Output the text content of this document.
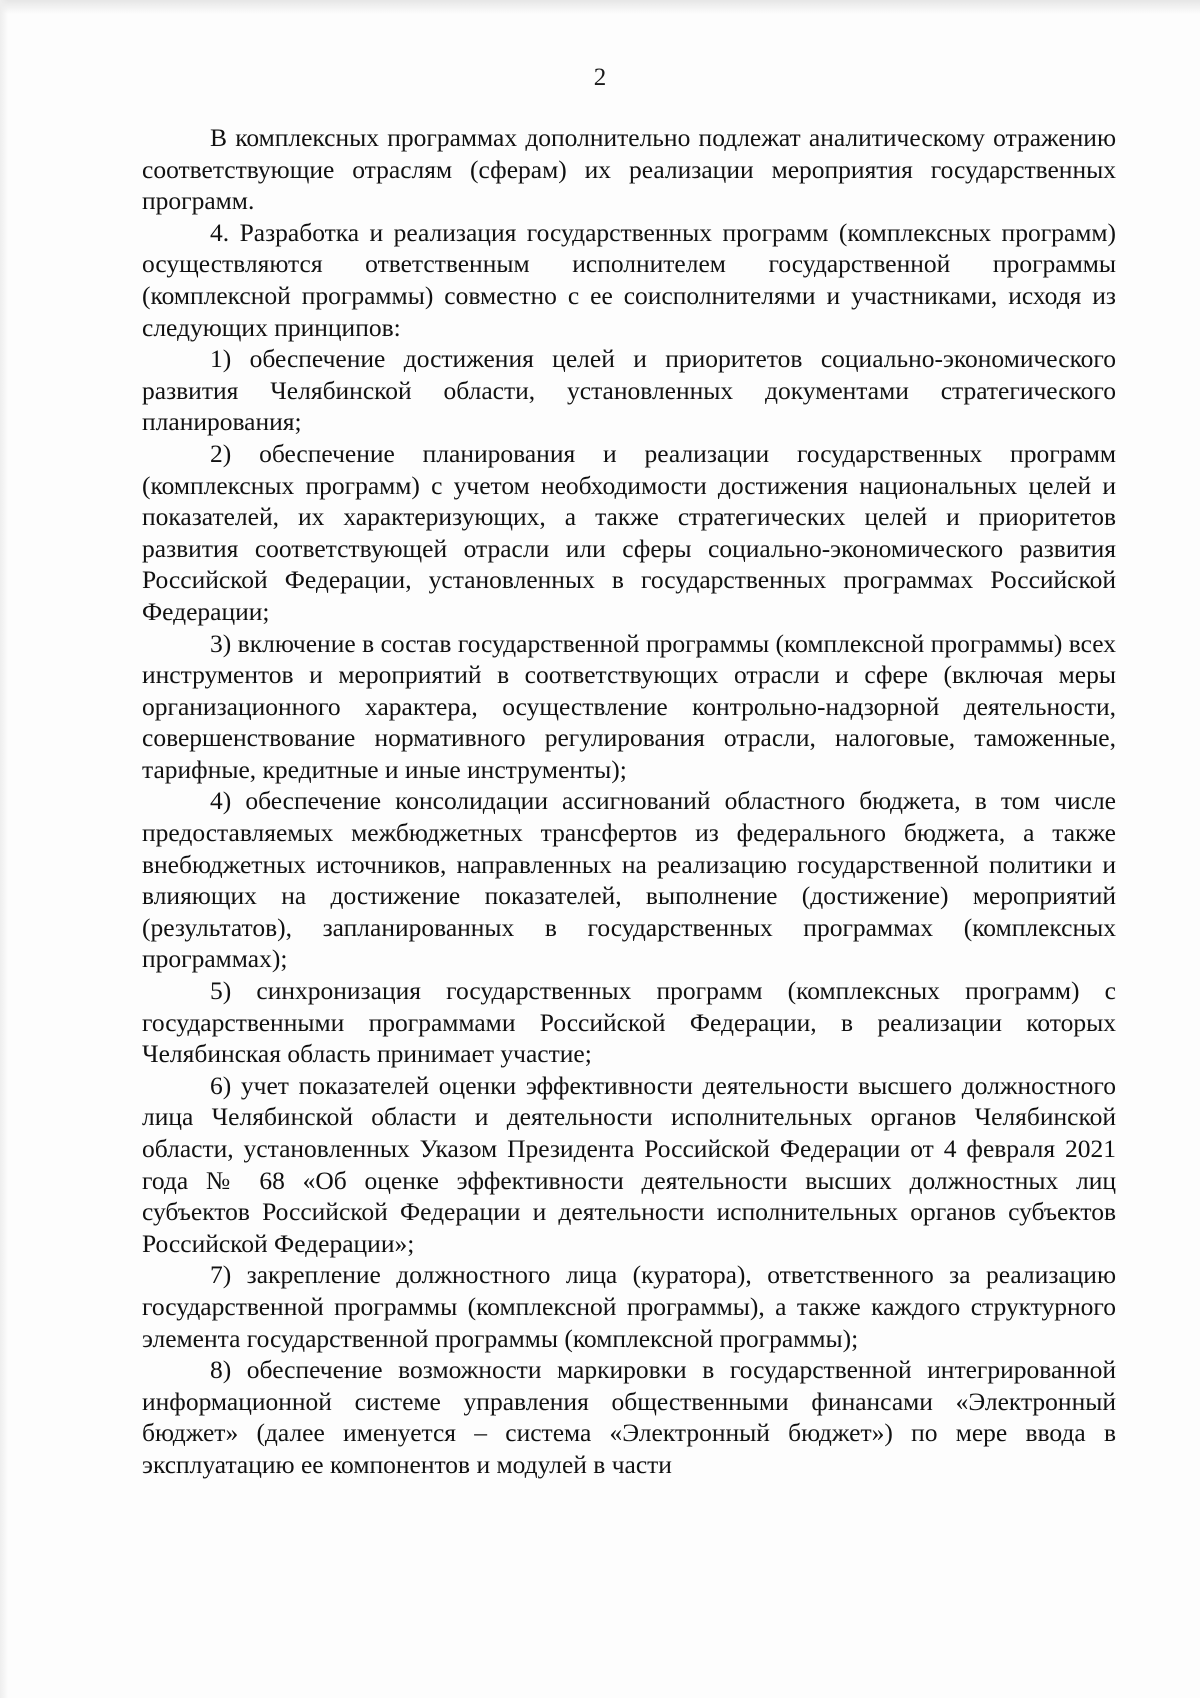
2

В комплексных программах дополнительно подлежат аналитическому отражению соответствующие отраслям (сферам) их реализации мероприятия государственных программ.

4. Разработка и реализация государственных программ (комплексных программ) осуществляются ответственным исполнителем государственной программы (комплексной программы) совместно с ее соисполнителями и участниками, исходя из следующих принципов:

1) обеспечение достижения целей и приоритетов социально-экономического развития Челябинской области, установленных документами стратегического планирования;

2) обеспечение планирования и реализации государственных программ (комплексных программ) с учетом необходимости достижения национальных целей и показателей, их характеризующих, а также стратегических целей и приоритетов развития соответствующей отрасли или сферы социально-экономического развития Российской Федерации, установленных в государственных программах Российской Федерации;

3) включение в состав государственной программы (комплексной программы) всех инструментов и мероприятий в соответствующих отрасли и сфере (включая меры организационного характера, осуществление контрольно-надзорной деятельности, совершенствование нормативного регулирования отрасли, налоговые, таможенные, тарифные, кредитные и иные инструменты);

4) обеспечение консолидации ассигнований областного бюджета, в том числе предоставляемых межбюджетных трансфертов из федерального бюджета, а также внебюджетных источников, направленных на реализацию государственной политики и влияющих на достижение показателей, выполнение (достижение) мероприятий (результатов), запланированных в государственных программах (комплексных программах);

5) синхронизация государственных программ (комплексных программ) с государственными программами Российской Федерации, в реализации которых Челябинская область принимает участие;

6) учет показателей оценки эффективности деятельности высшего должностного лица Челябинской области и деятельности исполнительных органов Челябинской области, установленных Указом Президента Российской Федерации от 4 февраля 2021 года № 68 «Об оценке эффективности деятельности высших должностных лиц субъектов Российской Федерации и деятельности исполнительных органов субъектов Российской Федерации»;

7) закрепление должностного лица (куратора), ответственного за реализацию государственной программы (комплексной программы), а также каждого структурного элемента государственной программы (комплексной программы);

8) обеспечение возможности маркировки в государственной интегрированной информационной системе управления общественными финансами «Электронный бюджет» (далее именуется – система «Электронный бюджет») по мере ввода в эксплуатацию ее компонентов и модулей в части
